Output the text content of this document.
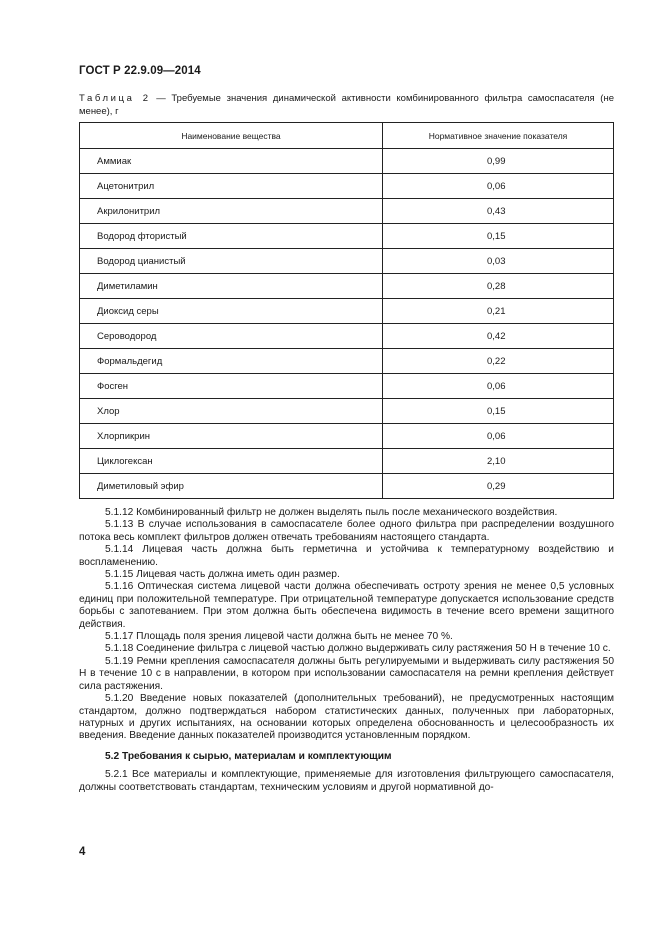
ГОСТ Р 22.9.09—2014
Таблица 2 — Требуемые значения динамической активности комбинированного фильтра самоспасателя (не менее), г
Наименование вещества	Нормативное значение показателя
Аммиак	0,99
Ацетонитрил	0,06
Акрилонитрил	0,43
Водород фтористый	0,15
Водород цианистый	0,03
Диметиламин	0,28
Диоксид серы	0,21
Сероводород	0,42
Формальдегид	0,22
Фосген	0,06
Хлор	0,15
Хлорпикрин	0,06
Циклогексан	2,10
Диметиловый эфир	0,29

5.1.12 Комбинированный фильтр не должен выделять пыль после механического воздействия.

5.1.13 В случае использования в самоспасателе более одного фильтра при распределении воздушного потока весь комплект фильтров должен отвечать требованиям настоящего стандарта.

5.1.14 Лицевая часть должна быть герметична и устойчива к температурному воздействию и воспламенению.

5.1.15 Лицевая часть должна иметь один размер.

5.1.16 Оптическая система лицевой части должна обеспечивать остроту зрения не менее 0,5 условных единиц при положительной температуре. При отрицательной температуре допускается использование средств борьбы с запотеванием. При этом должна быть обеспечена видимость в течение всего времени защитного действия.

5.1.17 Площадь поля зрения лицевой части должна быть не менее 70 %.

5.1.18 Соединение фильтра с лицевой частью должно выдерживать силу растяжения 50 Н в течение 10 с.

5.1.19 Ремни крепления самоспасателя должны быть регулируемыми и выдерживать силу растяжения 50 Н в течение 10 с в направлении, в котором при использовании самоспасателя на ремни крепления действует сила растяжения.

5.1.20 Введение новых показателей (дополнительных требований), не предусмотренных настоящим стандартом, должно подтверждаться набором статистических данных, полученных при лабораторных, натурных и других испытаниях, на основании которых определена обоснованность и целесообразность их введения. Введение данных показателей производится установленным порядком.

5.2 Требования к сырью, материалам и комплектующим

5.2.1 Все материалы и комплектующие, применяемые для изготовления фильтрующего самоспасателя, должны соответствовать стандартам, техническим условиям и другой нормативной до-

4
